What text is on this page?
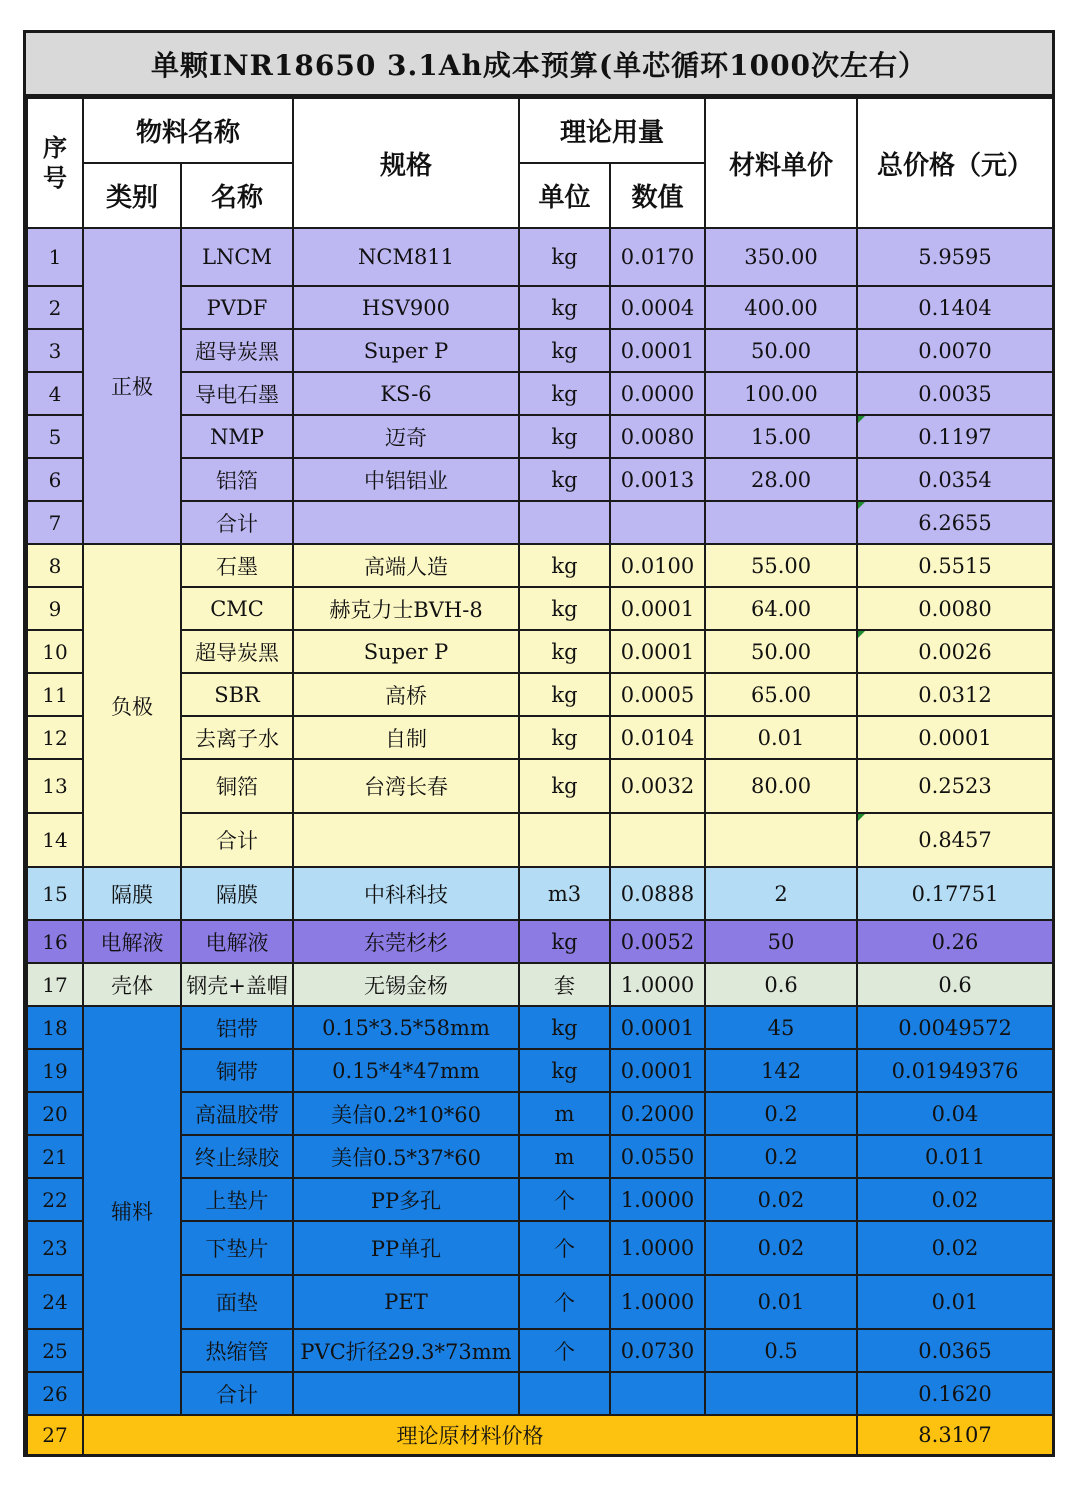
单颗INR18650 3.1Ah成本预算(单芯循环1000次左右）
序号	物料名称		规格	理论用量		材料单价	总价格（元）
	类别	名称		单位	数值		
1	正极	LNCM	NCM811	kg	0.0170	350.00	5.9595
2		PVDF	HSV900	kg	0.0004	400.00	0.1404
3		超导炭黑	Super P	kg	0.0001	50.00	0.0070
4		导电石墨	KS-6	kg	0.0000	100.00	0.0035
5		NMP	迈奇	kg	0.0080	15.00	0.1197
6		铝箔	中铝铝业	kg	0.0013	28.00	0.0354
7		合计					6.2655
8	负极	石墨	高端人造	kg	0.0100	55.00	0.5515
9		CMC	赫克力士BVH-8	kg	0.0001	64.00	0.0080
10		超导炭黑	Super P	kg	0.0001	50.00	0.0026
11		SBR	高桥	kg	0.0005	65.00	0.0312
12		去离子水	自制	kg	0.0104	0.01	0.0001
13		铜箔	台湾长春	kg	0.0032	80.00	0.2523
14		合计					0.8457
15	隔膜	隔膜	中科科技	m3	0.0888	2	0.17751
16	电解液	电解液	东莞杉杉	kg	0.0052	50	0.26
17	壳体	钢壳+盖帽	无锡金杨	套	1.0000	0.6	0.6
18	辅料	铝带	0.15*3.5*58mm	kg	0.0001	45	0.0049572
19		铜带	0.15*4*47mm	kg	0.0001	142	0.01949376
20		高温胶带	美信0.2*10*60	m	0.2000	0.2	0.04
21		终止绿胶	美信0.5*37*60	m	0.0550	0.2	0.011
22		上垫片	PP多孔	个	1.0000	0.02	0.02
23		下垫片	PP单孔	个	1.0000	0.02	0.02
24		面垫	PET	个	1.0000	0.01	0.01
25		热缩管	PVC折径29.3*73mm	个	0.0730	0.5	0.0365
26		合计					0.1620
27	理论原材料价格						8.3107
